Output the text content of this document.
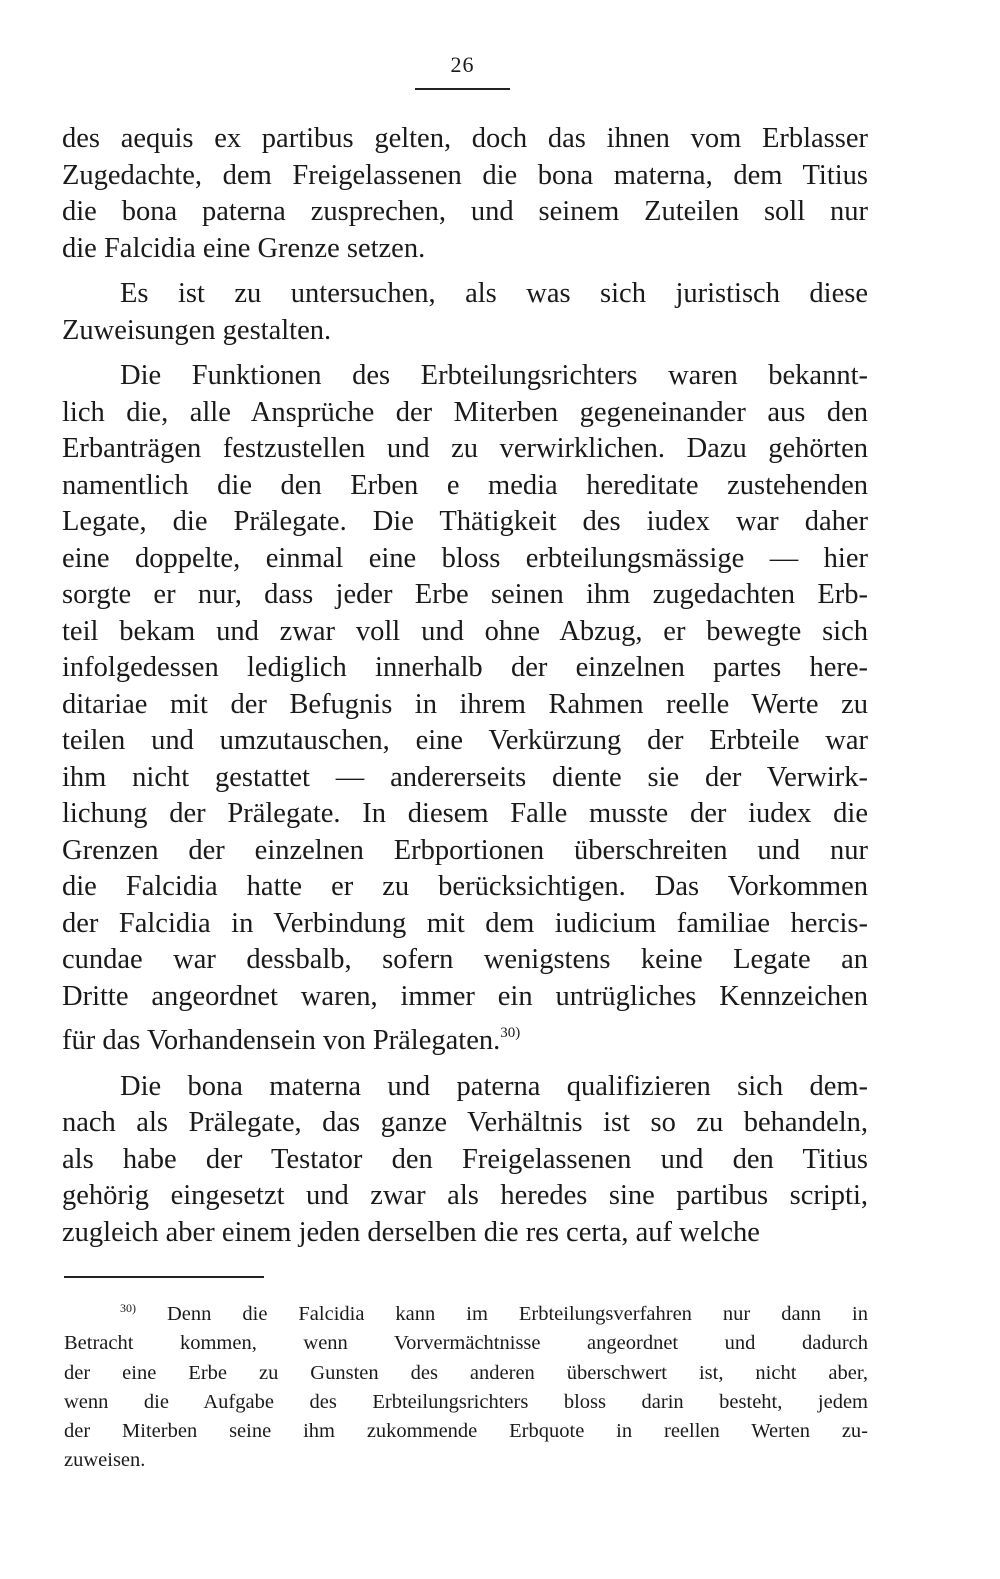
26
des aequis ex partibus gelten, doch das ihnen vom Erblasser
Zugedachte, dem Freigelassenen die bona materna, dem Titius
die bona paterna zusprechen, und seinem Zuteilen soll nur
die Falcidia eine Grenze setzen.
Es ist zu untersuchen, als was sich juristisch diese
Zuweisungen gestalten.
Die Funktionen des Erbteilungsrichters waren bekannt-
lich die, alle Ansprüche der Miterben gegeneinander aus den
Erbanträgen festzustellen und zu verwirklichen. Dazu gehörten
namentlich die den Erben e media hereditate zustehenden
Legate, die Prälegate. Die Thätigkeit des iudex war daher
eine doppelte, einmal eine bloss erbteilungsmässige — hier
sorgte er nur, dass jeder Erbe seinen ihm zugedachten Erb-
teil bekam und zwar voll und ohne Abzug, er bewegte sich
infolgedessen lediglich innerhalb der einzelnen partes here-
ditariae mit der Befugnis in ihrem Rahmen reelle Werte zu
teilen und umzutauschen, eine Verkürzung der Erbteile war
ihm nicht gestattet — andererseits diente sie der Verwirk-
lichung der Prälegate. In diesem Falle musste der iudex die
Grenzen der einzelnen Erbportionen überschreiten und nur
die Falcidia hatte er zu berücksichtigen. Das Vorkommen
der Falcidia in Verbindung mit dem iudicium familiae hercis-
cundae war dessbalb, sofern wenigstens keine Legate an
Dritte angeordnet waren, immer ein untrügliches Kennzeichen
für das Vorhandensein von Prälegaten.$^{30)}$
Die bona materna und paterna qualifizieren sich dem-
nach als Prälegate, das ganze Verhältnis ist so zu behandeln,
als habe der Testator den Freigelassenen und den Titius
gehörig eingesetzt und zwar als heredes sine partibus scripti,
zugleich aber einem jeden derselben die res certa, auf welche
$^{30)}$ Denn die Falcidia kann im Erbteilungsverfahren nur dann in
Betracht kommen, wenn Vorvermächtnisse angeordnet und dadurch
der eine Erbe zu Gunsten des anderen überschwert ist, nicht aber,
wenn die Aufgabe des Erbteilungsrichters bloss darin besteht, jedem
der Miterben seine ihm zukommende Erbquote in reellen Werten zu-
zuweisen.
